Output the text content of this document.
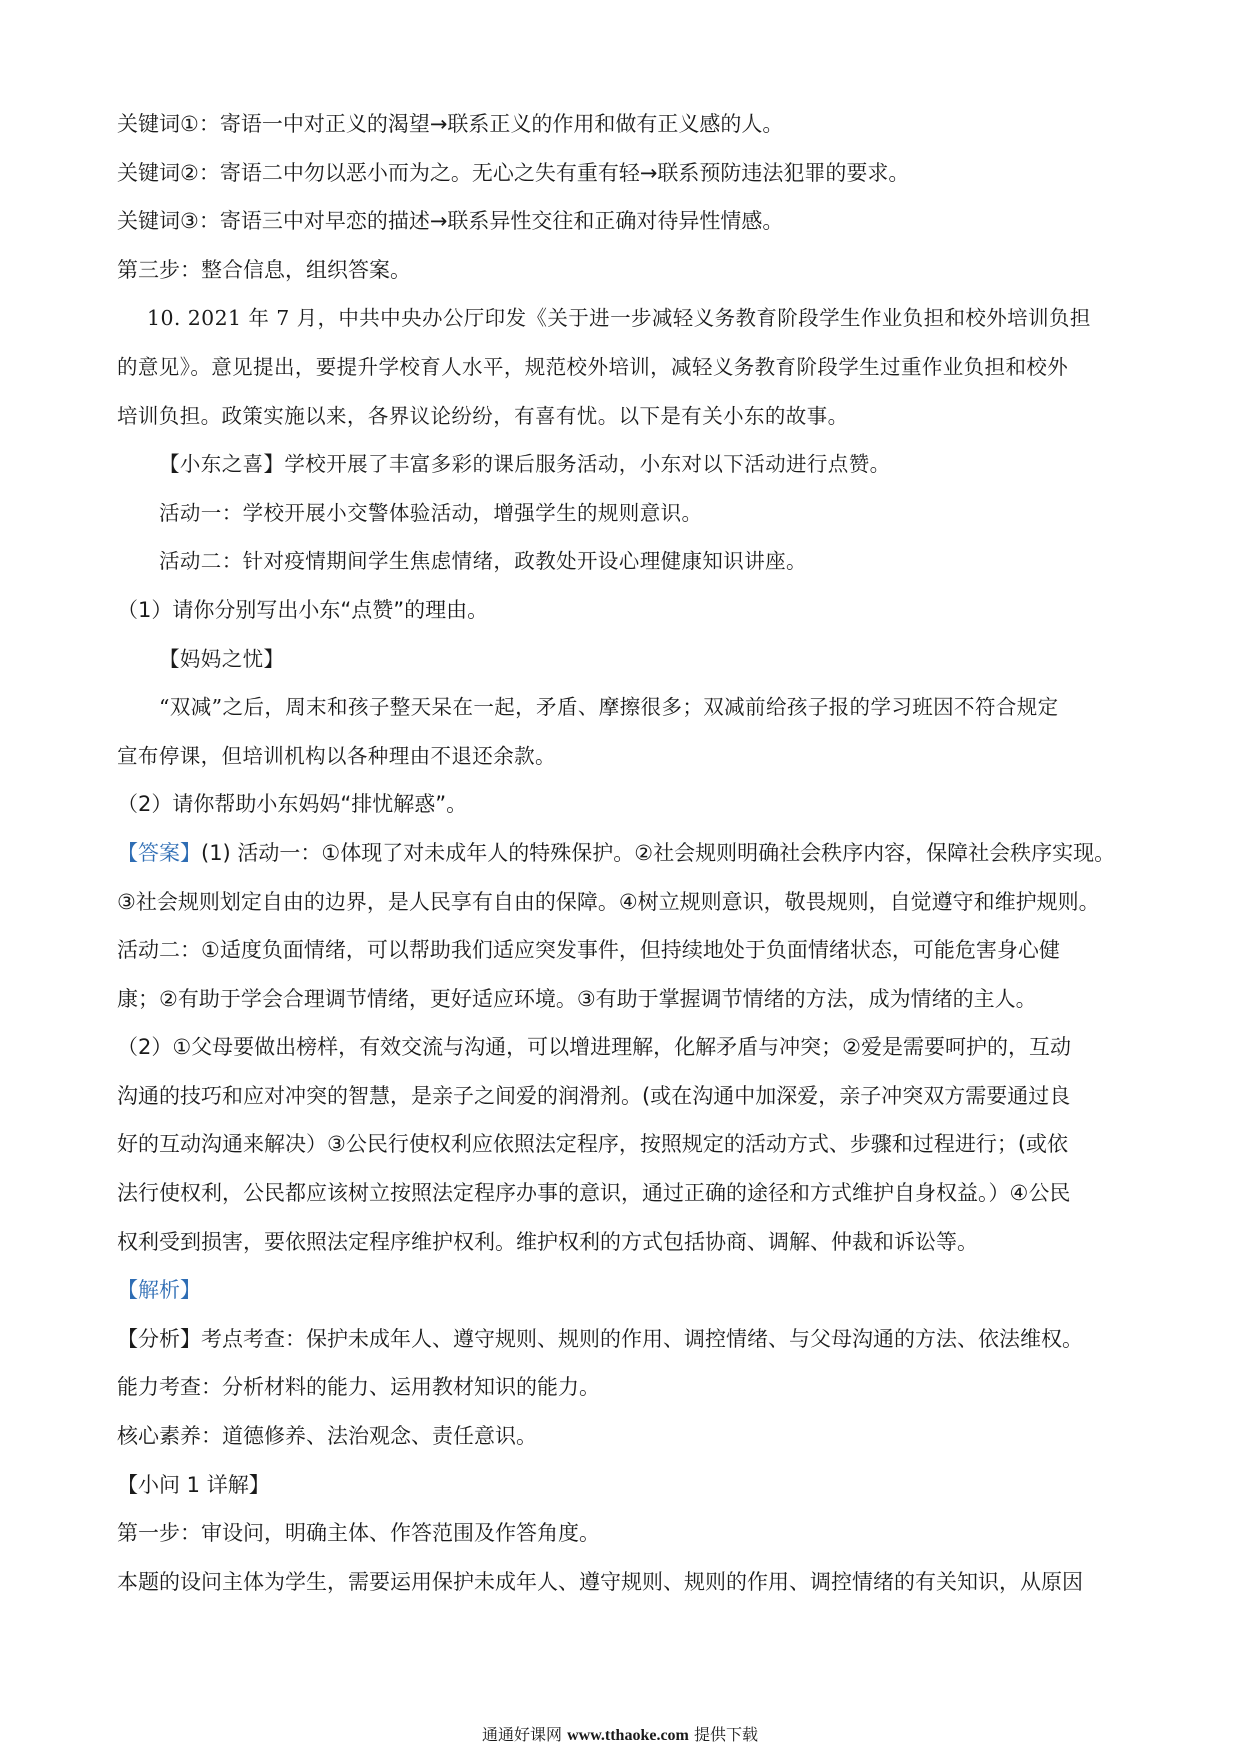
关键词①：寄语一中对正义的渴望→联系正义的作用和做有正义感的人。

关键词②：寄语二中勿以恶小而为之。无心之失有重有轻→联系预防违法犯罪的要求。

关键词③：寄语三中对早恋的描述→联系异性交往和正确对待异性情感。

第三步：整合信息，组织答案。

10. 2021 年 7 月，中共中央办公厅印发《关于进一步减轻义务教育阶段学生作业负担和校外培训负担

的意见》。意见提出，要提升学校育人水平，规范校外培训，减轻义务教育阶段学生过重作业负担和校外

培训负担。政策实施以来，各界议论纷纷，有喜有忧。以下是有关小东的故事。

【小东之喜】学校开展了丰富多彩的课后服务活动，小东对以下活动进行点赞。

活动一：学校开展小交警体验活动，增强学生的规则意识。

活动二：针对疫情期间学生焦虑情绪，政教处开设心理健康知识讲座。

（1）请你分别写出小东“点赞”的理由。

【妈妈之忧】

“双减”之后，周末和孩子整天呆在一起，矛盾、摩擦很多；双减前给孩子报的学习班因不符合规定

宣布停课，但培训机构以各种理由不退还余款。

（2）请你帮助小东妈妈“排忧解惑”。

【答案】(1) 活动一：①体现了对未成年人的特殊保护。②社会规则明确社会秩序内容，保障社会秩序实现。

③社会规则划定自由的边界，是人民享有自由的保障。④树立规则意识，敬畏规则，自觉遵守和维护规则。

活动二：①适度负面情绪，可以帮助我们适应突发事件，但持续地处于负面情绪状态，可能危害身心健

康；②有助于学会合理调节情绪，更好适应环境。③有助于掌握调节情绪的方法，成为情绪的主人。

（2）①父母要做出榜样，有效交流与沟通，可以增进理解，化解矛盾与冲突；②爱是需要呵护的，互动

沟通的技巧和应对冲突的智慧，是亲子之间爱的润滑剂。(或在沟通中加深爱，亲子冲突双方需要通过良

好的互动沟通来解决）③公民行使权利应依照法定程序，按照规定的活动方式、步骤和过程进行；(或依

法行使权利，公民都应该树立按照法定程序办事的意识，通过正确的途径和方式维护自身权益。）④公民

权利受到损害，要依照法定程序维护权利。维护权利的方式包括协商、调解、仲裁和诉讼等。

【解析】

【分析】考点考查：保护未成年人、遵守规则、规则的作用、调控情绪、与父母沟通的方法、依法维权。

能力考查：分析材料的能力、运用教材知识的能力。

核心素养：道德修养、法治观念、责任意识。

【小问 1 详解】

第一步：审设问，明确主体、作答范围及作答角度。

本题的设问主体为学生，需要运用保护未成年人、遵守规则、规则的作用、调控情绪的有关知识，从原因

通通好课网 www.tthaoke.com 提供下载
